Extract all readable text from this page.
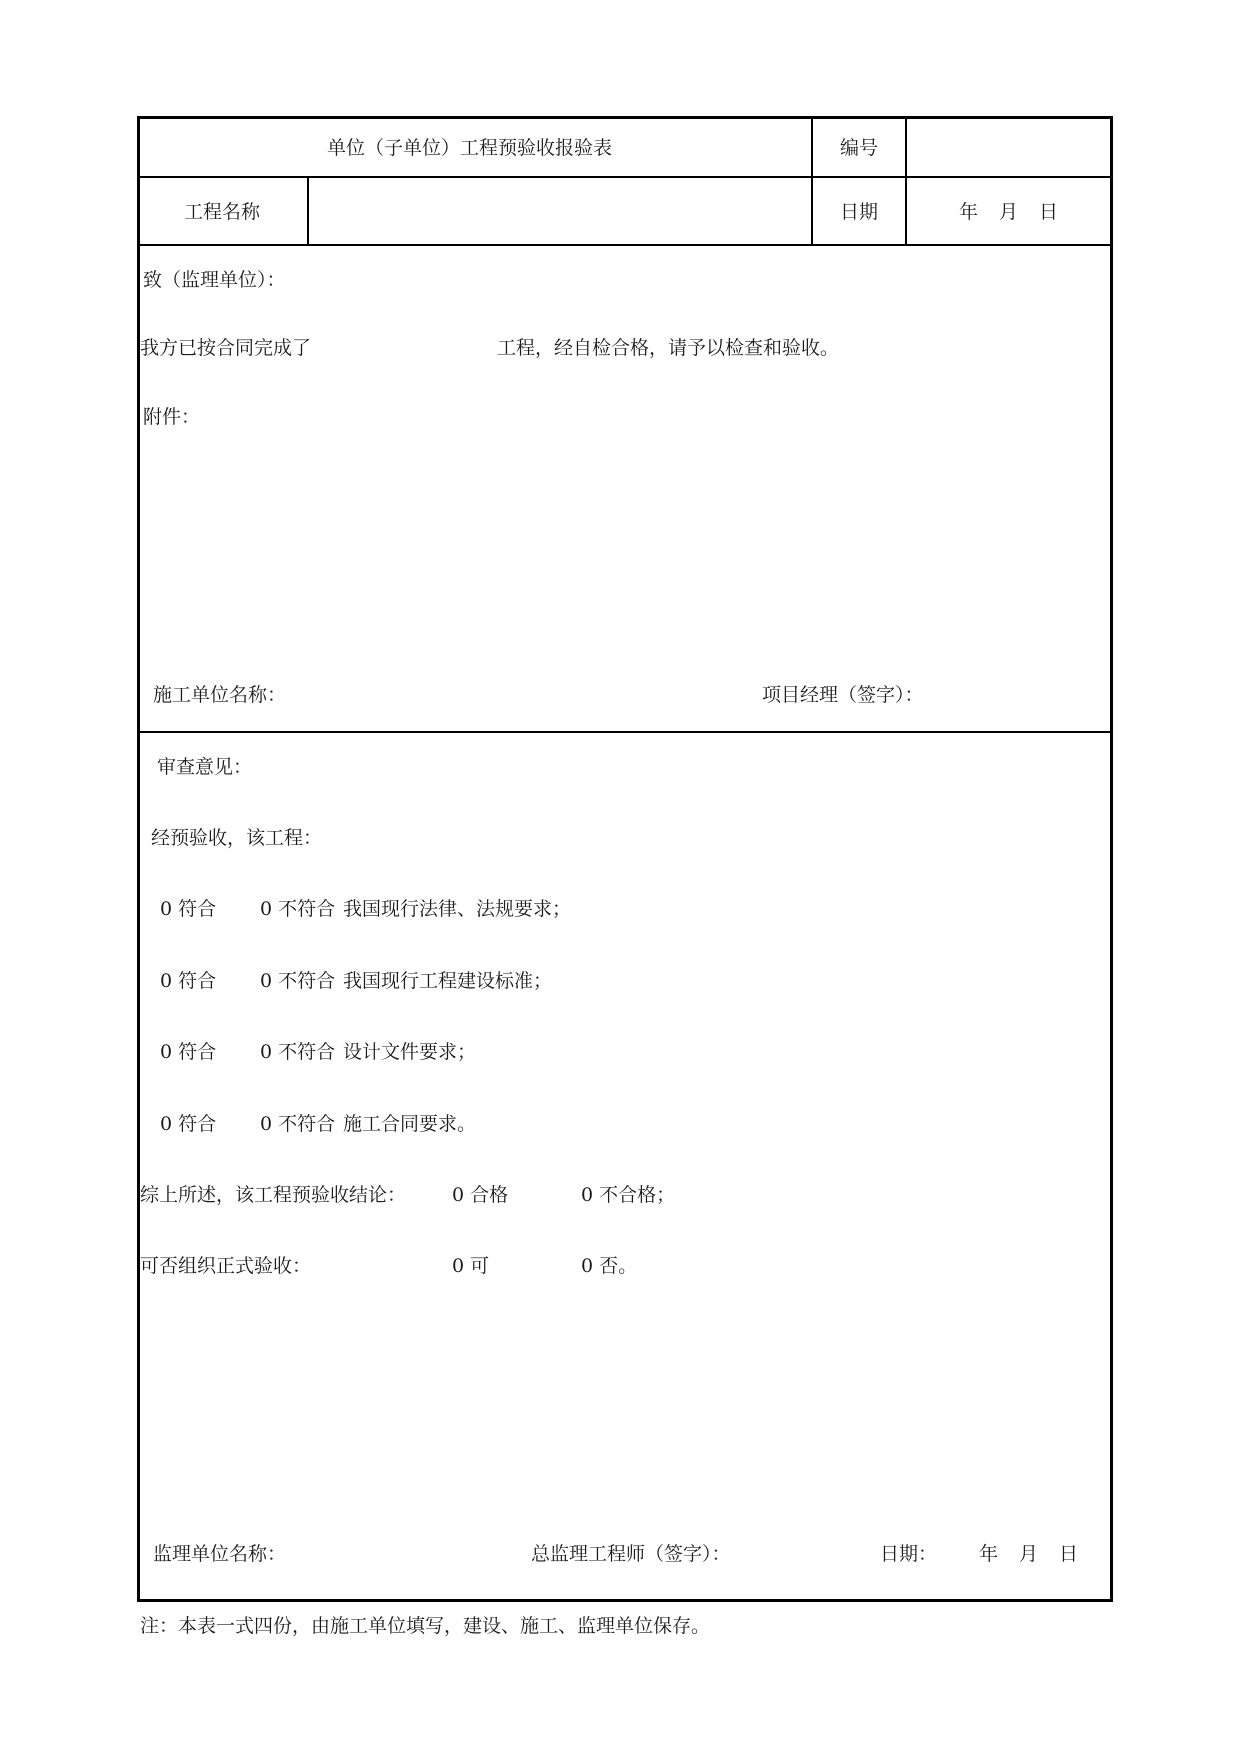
单位（子单位）工程预验收报验表	编号
工程名称	日期	年 月 日
致（监理单位）：
我方已按合同完成了	工程，经自检合格，请予以检查和验收。
附件：
施工单位名称：	项目经理（签字）：
审查意见：
经预验收，该工程：
0 符合 0 不符合 我国现行法律、法规要求；
0 符合 0 不符合 我国现行工程建设标准；
0 符合 0 不符合 设计文件要求；
0 符合 0 不符合 施工合同要求。
综上所述，该工程预验收结论： 0 合格	0 不合格；
可否组织正式验收：	0 可	0 否。
监理单位名称：	总监理工程师（签字）：	日期： 年 月 日
注：本表一式四份，由施工单位填写，建设、施工、监理单位保存。
